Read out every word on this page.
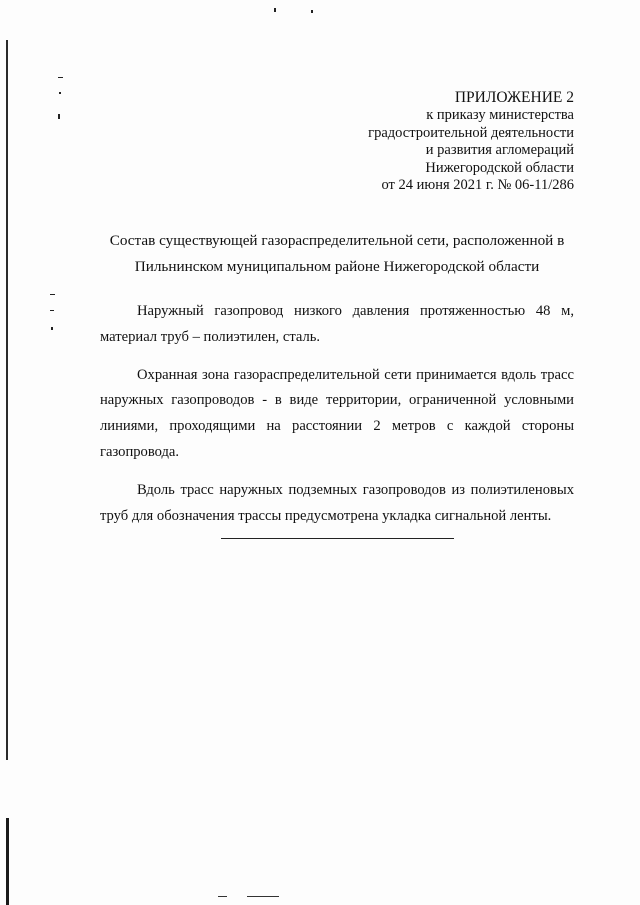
ПРИЛОЖЕНИЕ 2
к приказу министерства
градостроительной деятельности
и развития агломераций
Нижегородской области
от 24 июня 2021 г. № 06-11/286
Состав существующей газораспределительной сети, расположенной в
Пильнинском муниципальном районе Нижегородской области

Наружный газопровод низкого давления протяженностью 48 м, материал труб – полиэтилен, сталь.

Охранная зона газораспределительной сети принимается вдоль трасс наружных газопроводов - в виде территории, ограниченной условными линиями, проходящими на расстоянии 2 метров с каждой стороны газопровода.

Вдоль трасс наружных подземных газопроводов из полиэтиленовых труб для обозначения трассы предусмотрена укладка сигнальной ленты.
